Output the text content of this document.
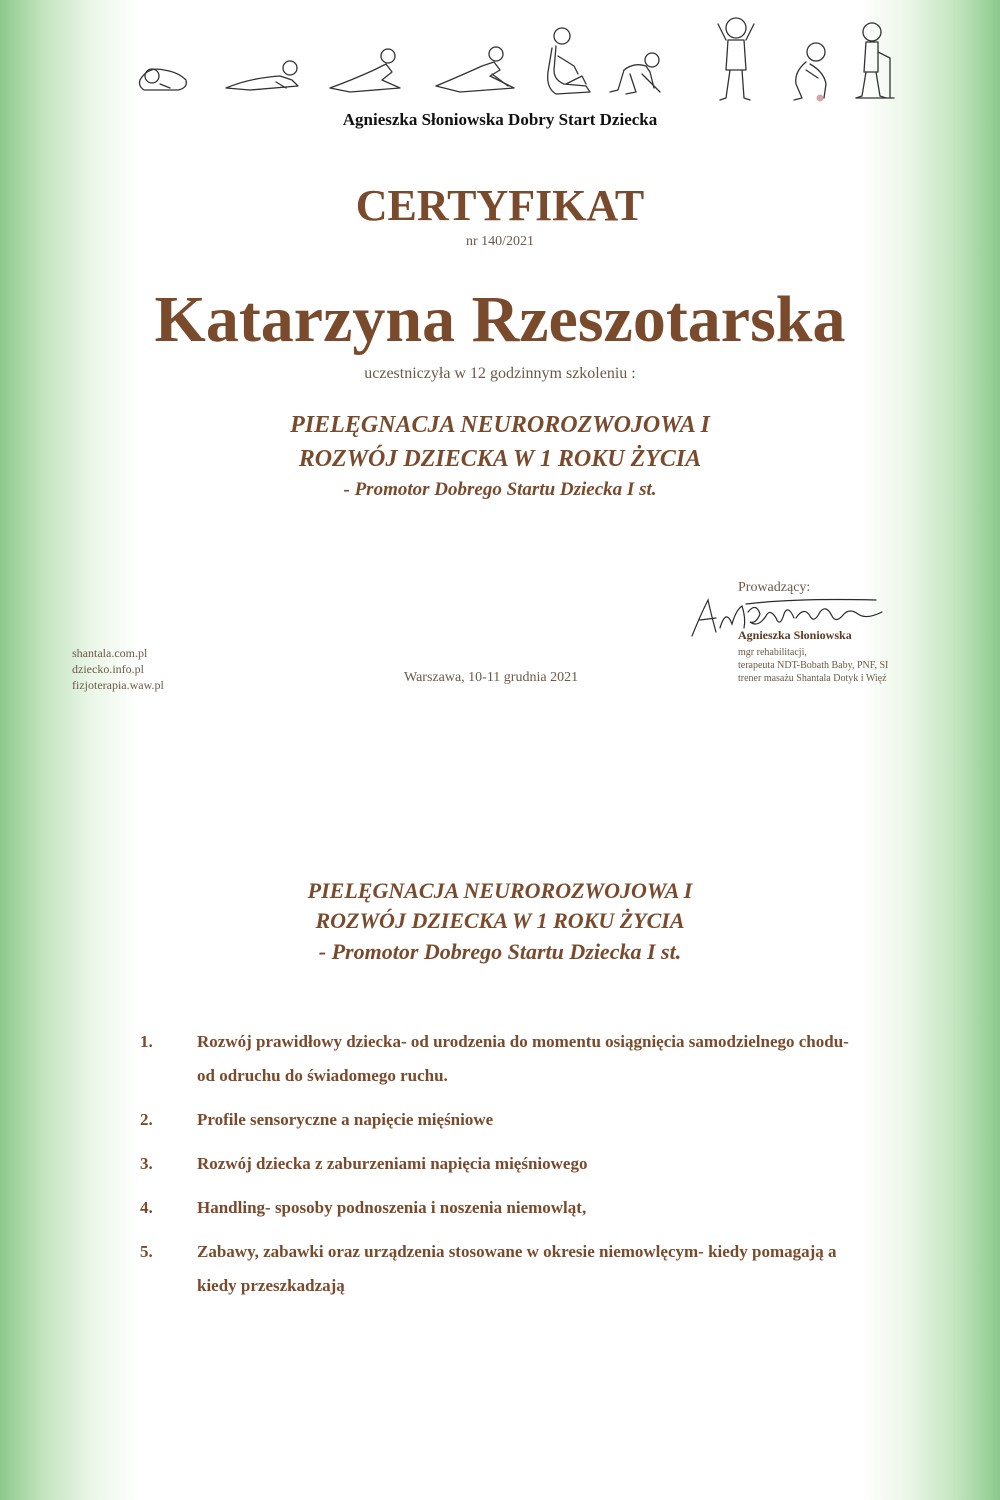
Agnieszka Słoniowska Dobry Start Dziecka
CERTYFIKAT
nr 140/2021
Katarzyna Rzeszotarska
uczestniczyła w 12 godzinnym szkoleniu :
PIELĘGNACJA NEUROROZWOJOWA I
ROZWÓJ DZIECKA W 1 ROKU ŻYCIA
- Promotor Dobrego Startu Dziecka I st.
shantala.com.pl
dziecko.info.pl
fizjoterapia.waw.pl	Warszawa, 10-11 grudnia 2021
Prowadzący:
Agnieszka Słoniowska
mgr rehabilitacji,
terapeuta NDT-Bobath Baby, PNF, SI
trener masażu Shantala Dotyk i Więź
PIELĘGNACJA NEUROROZWOJOWA I
ROZWÓJ DZIECKA W 1 ROKU ŻYCIA
- Promotor Dobrego Startu Dziecka I st.
1.	Rozwój prawidłowy dziecka- od urodzenia do momentu osiągnięcia samodzielnego chodu- od odruchu do świadomego ruchu.
2.	Profile sensoryczne a napięcie mięśniowe
3.	Rozwój dziecka z zaburzeniami napięcia mięśniowego
4.	Handling- sposoby podnoszenia i noszenia niemowląt,
5.	Zabawy, zabawki oraz urządzenia stosowane w okresie niemowlęcym- kiedy pomagają a kiedy przeszkadzają
